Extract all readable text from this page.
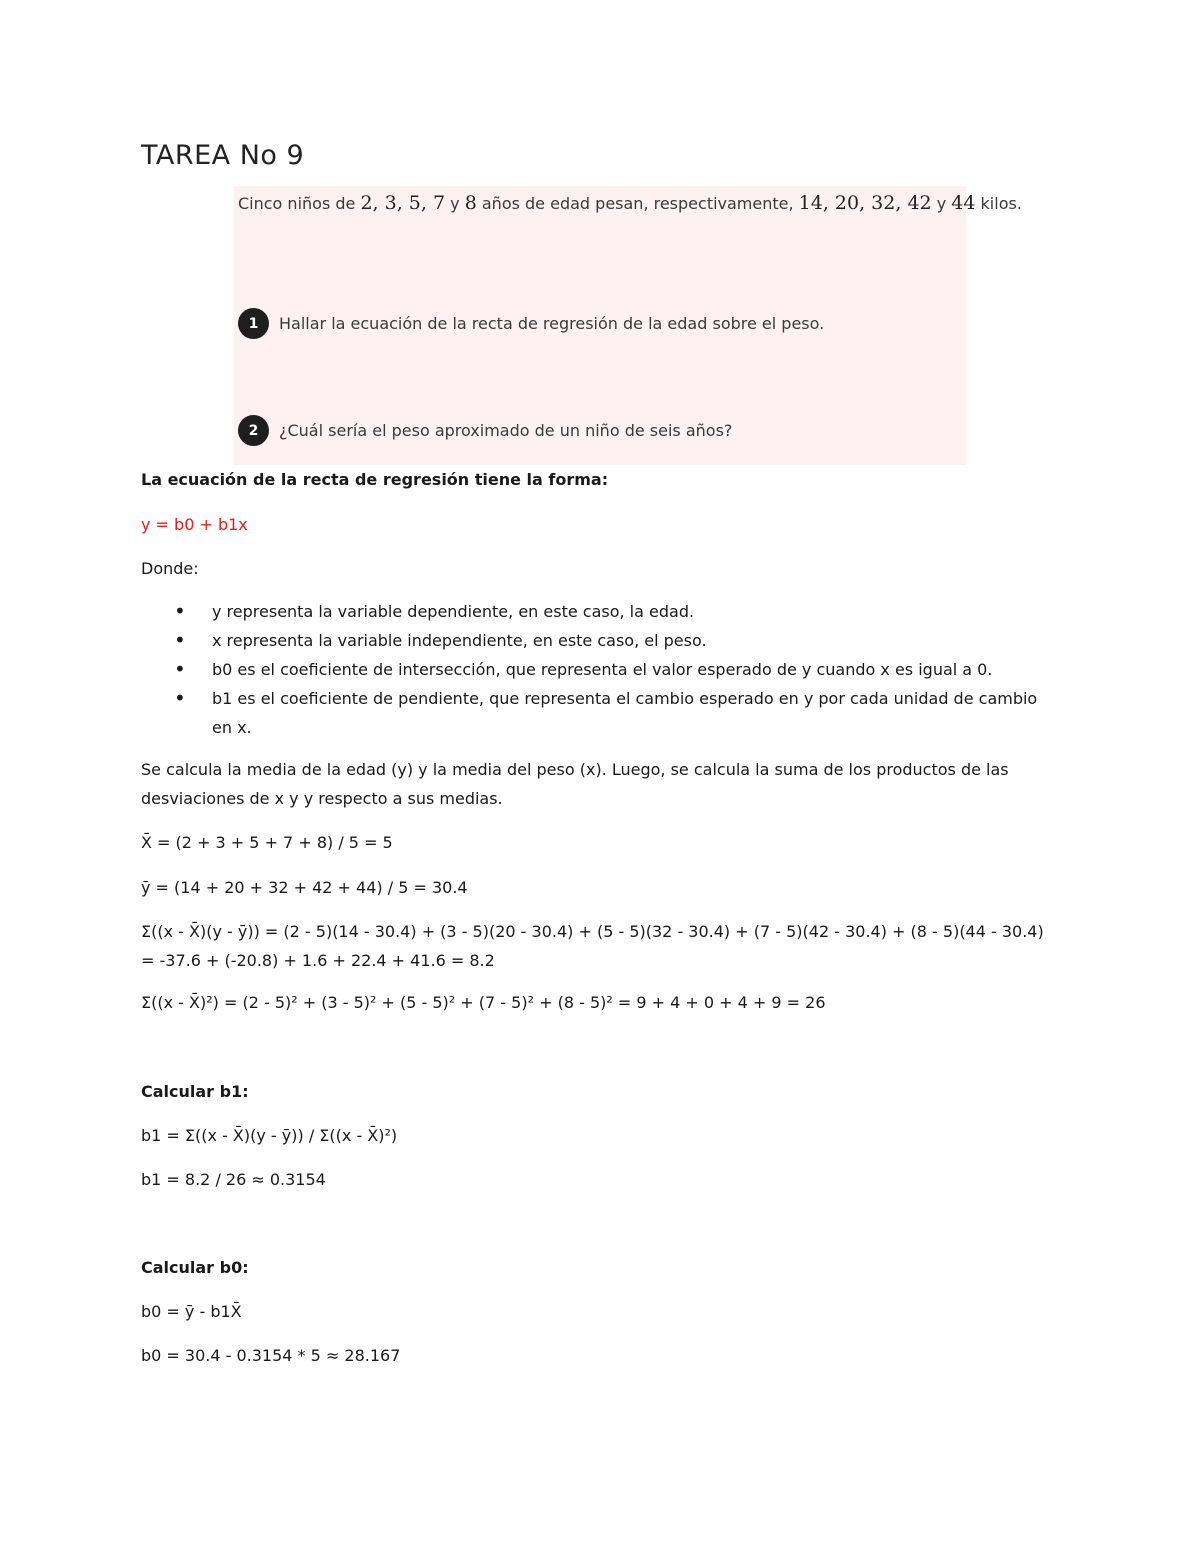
TAREA No 9
Cinco niños de 2, 3, 5, 7 y 8 años de edad pesan, respectivamente, 14, 20, 32, 42 y 44 kilos.
1	Hallar la ecuación de la recta de regresión de la edad sobre el peso.
2	¿Cuál sería el peso aproximado de un niño de seis años?
La ecuación de la recta de regresión tiene la forma:
y = b0 + b1x
Donde:
• y representa la variable dependiente, en este caso, la edad.
• x representa la variable independiente, en este caso, el peso.
• b0 es el coeficiente de intersección, que representa el valor esperado de y cuando x es igual a 0.
• b1 es el coeficiente de pendiente, que representa el cambio esperado en y por cada unidad de cambio en x.
Se calcula la media de la edad (y) y la media del peso (x). Luego, se calcula la suma de los productos de las desviaciones de x y y respecto a sus medias.
X̄ = (2 + 3 + 5 + 7 + 8) / 5 = 5
ȳ = (14 + 20 + 32 + 42 + 44) / 5 = 30.4
Σ((x - X̄)(y - ȳ)) = (2 - 5)(14 - 30.4) + (3 - 5)(20 - 30.4) + (5 - 5)(32 - 30.4) + (7 - 5)(42 - 30.4) + (8 - 5)(44 - 30.4) = -37.6 + (-20.8) + 1.6 + 22.4 + 41.6 = 8.2
Σ((x - X̄)²) = (2 - 5)² + (3 - 5)² + (5 - 5)² + (7 - 5)² + (8 - 5)² = 9 + 4 + 0 + 4 + 9 = 26
Calcular b1:
b1 = Σ((x - X̄)(y - ȳ)) / Σ((x - X̄)²)
b1 = 8.2 / 26 ≈ 0.3154
Calcular b0:
b0 = ȳ - b1X̄
b0 = 30.4 - 0.3154 * 5 ≈ 28.167
